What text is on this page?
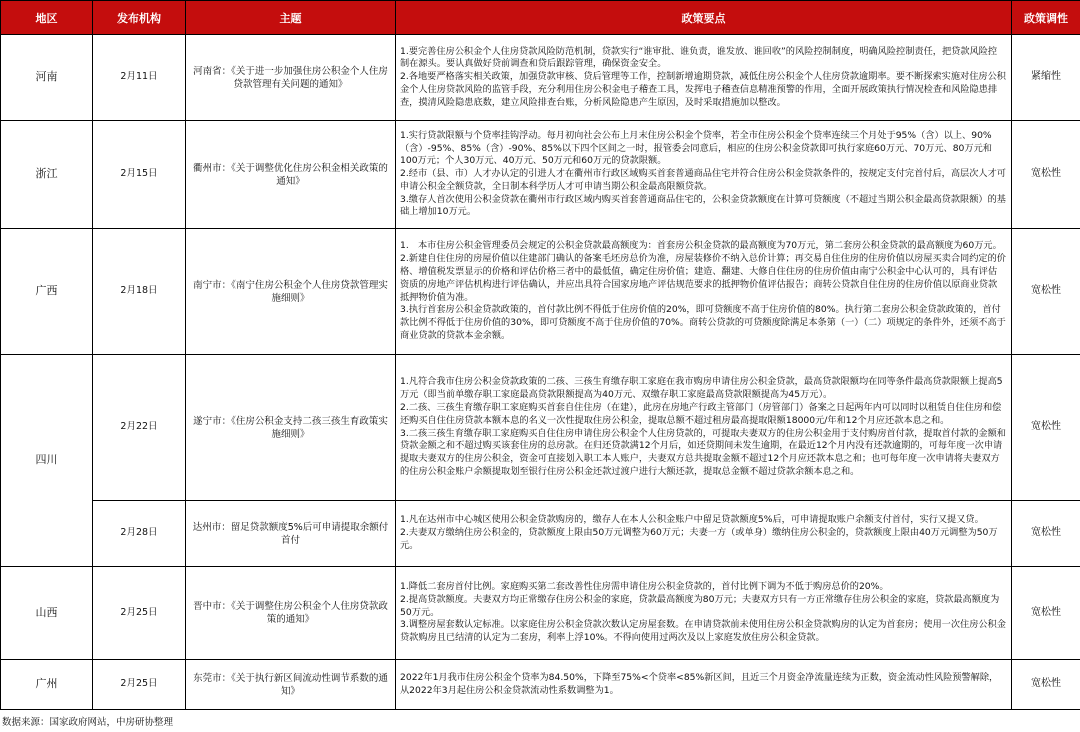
地区	发布机构	主题	政策要点	政策调性
河南	2月11日	河南省：《关于进一步加强住房公积金个人住房贷款管理有关问题的通知》	1.要完善住房公积金个人住房贷款风险防范机制，贷款实行“谁审批、谁负责，谁发放、谁回收”的风险控制制度，明确风险控制责任，把贷款风险控制在源头。要认真做好贷前调查和贷后跟踪管理，确保资金安全。
2.各地要严格落实相关政策，加强贷款审核、贷后管理等工作，控制新增逾期贷款，减低住房公积金个人住房贷款逾期率。要不断探索实施对住房公积金个人住房贷款风险的监管手段，充分利用住房公积金电子稽查工具，发挥电子稽查信息精准预警的作用，全面开展政策执行情况检查和风险隐患排查，摸清风险隐患底数，建立风险排查台账，分析风险隐患产生原因，及时采取措施加以整改。	紧缩性
浙江	2月15日	衢州市：《关于调整优化住房公积金相关政策的通知》	1.实行贷款限额与个贷率挂钩浮动。每月初向社会公布上月末住房公积金个贷率，若全市住房公积金个贷率连续三个月处于95%（含）以上、90%（含）-95%、85%（含）-90%、85%以下四个区间之一时，报管委会同意后，相应的住房公积金贷款即可执行家庭60万元、70万元、80万元和100万元；个人30万元、40万元、50万元和60万元的贷款限额。
2.经市（县、市）人才办认定的引进人才在衢州市行政区域购买首套普通商品住宅并符合住房公积金贷款条件的，按规定支付完首付后，高层次人才可申请公积金全额贷款，全日制本科学历人才可申请当期公积金最高限额贷款。
3.缴存人首次使用公积金贷款在衢州市行政区域内购买首套普通商品住宅的，公积金贷款额度在计算可贷额度（不超过当期公积金最高贷款限额）的基础上增加10万元。	宽松性
广西	2月18日	南宁市：《南宁住房公积金个人住房贷款管理实施细则》	1.　本市住房公积金管理委员会规定的公积金贷款最高额度为：首套房公积金贷款的最高额度为70万元，第二套房公积金贷款的最高额度为60万元。
2.新建自住住房的房屋价值以住建部门确认的备案毛坯房总价为准，房屋装修价不纳入总价计算；再交易自住住房的住房价值以房屋买卖合同约定的价格、增值税发票显示的价格和评估价格三者中的最低值，确定住房价值；建造、翻建、大修自住住房的住房价值由南宁公积金中心认可的，具有评估资质的房地产评估机构进行评估确认，并应出具符合国家房地产评估规范要求的抵押物价值评估报告；商转公贷款自住住房的住房价值以原商业贷款抵押物价值为准。
3.执行首套房公积金贷款政策的，首付款比例不得低于住房价值的20%，即可贷额度不高于住房价值的80%。执行第二套房公积金贷款政策的，首付款比例不得低于住房价值的30%，即可贷额度不高于住房价值的70%。商转公贷款的可贷额度除满足本条第（一）（二）项规定的条件外，还须不高于商业贷款的贷款本金余额。	宽松性
四川	2月22日	遂宁市：《住房公积金支持二孩三孩生育政策实施细则》	1.凡符合我市住房公积金贷款政策的二孩、三孩生育缴存职工家庭在我市购房申请住房公积金贷款，最高贷款限额均在同等条件最高贷款限额上提高5万元（即当前单缴存职工家庭最高贷款限额提高为40万元、双缴存职工家庭最高贷款限额提高为45万元）。
2.二孩、三孩生育缴存职工家庭购买首套自住住房（在建），此房在房地产行政主管部门（房管部门）备案之日起两年内可以同时以租赁自住住房和偿还购买自住住房贷款本额本息的名义一次性提取住房公积金，提取总额不超过租房最高提取限额18000元/年和12个月应还款本息之和。
3.二孩三孩生育缴存职工家庭购买自住住房申请住房公积金个人住房贷款的，可提取夫妻双方的住房公积金用于支付购房首付款，提取首付款的金额和贷款金额之和不超过购买该套住房的总房款。在归还贷款满12个月后，如还贷期间未发生逾期，在最近12个月内没有还款逾期的，可每年度一次申请提取夫妻双方的住房公积金，资金可直接划入职工本人账户，夫妻双方总共提取金额不超过12个月应还款本息之和；也可每年度一次申请将夫妻双方的住房公积金账户余额提取划至银行住房公积金还款过渡户进行大额还款，提取总金额不超过贷款余额本息之和。	宽松性
	2月28日	达州市：留足贷款额度5%后可申请提取余额付首付	1.凡在达州市中心城区使用公积金贷款购房的，缴存人在本人公积金账户中留足贷款额度5%后，可申请提取账户余额支付首付，实行又提又贷。
2.夫妻双方缴纳住房公积金的，贷款额度上限由50万元调整为60万元；夫妻一方（或单身）缴纳住房公积金的，贷款额度上限由40万元调整为50万元。	宽松性
山西	2月25日	晋中市：《关于调整住房公积金个人住房贷款政策的通知》	1.降低二套房首付比例。家庭购买第二套改善性住房需申请住房公积金贷款的，首付比例下调为不低于购房总价的20%。
2.提高贷款额度。夫妻双方均正常缴存住房公积金的家庭，贷款最高额度为80万元；夫妻双方只有一方正常缴存住房公积金的家庭，贷款最高额度为50万元。
3.调整房屋套数认定标准。以家庭住房公积金贷款次数认定房屋套数。在申请贷款前未使用住房公积金贷款购房的认定为首套房；使用一次住房公积金贷款购房且已结清的认定为二套房，利率上浮10%。不得向使用过两次及以上家庭发放住房公积金贷款。	宽松性
广州	2月25日	东莞市：《关于执行新区间流动性调节系数的通知》	2022年1月我市住房公积金个贷率为84.50%，下降至75%<个贷率<85%新区间，且近三个月资金净流量连续为正数，资金流动性风险预警解除，从2022年3月起住房公积金贷款流动性系数调整为1。	宽松性
数据来源：国家政府网站，中房研协整理
